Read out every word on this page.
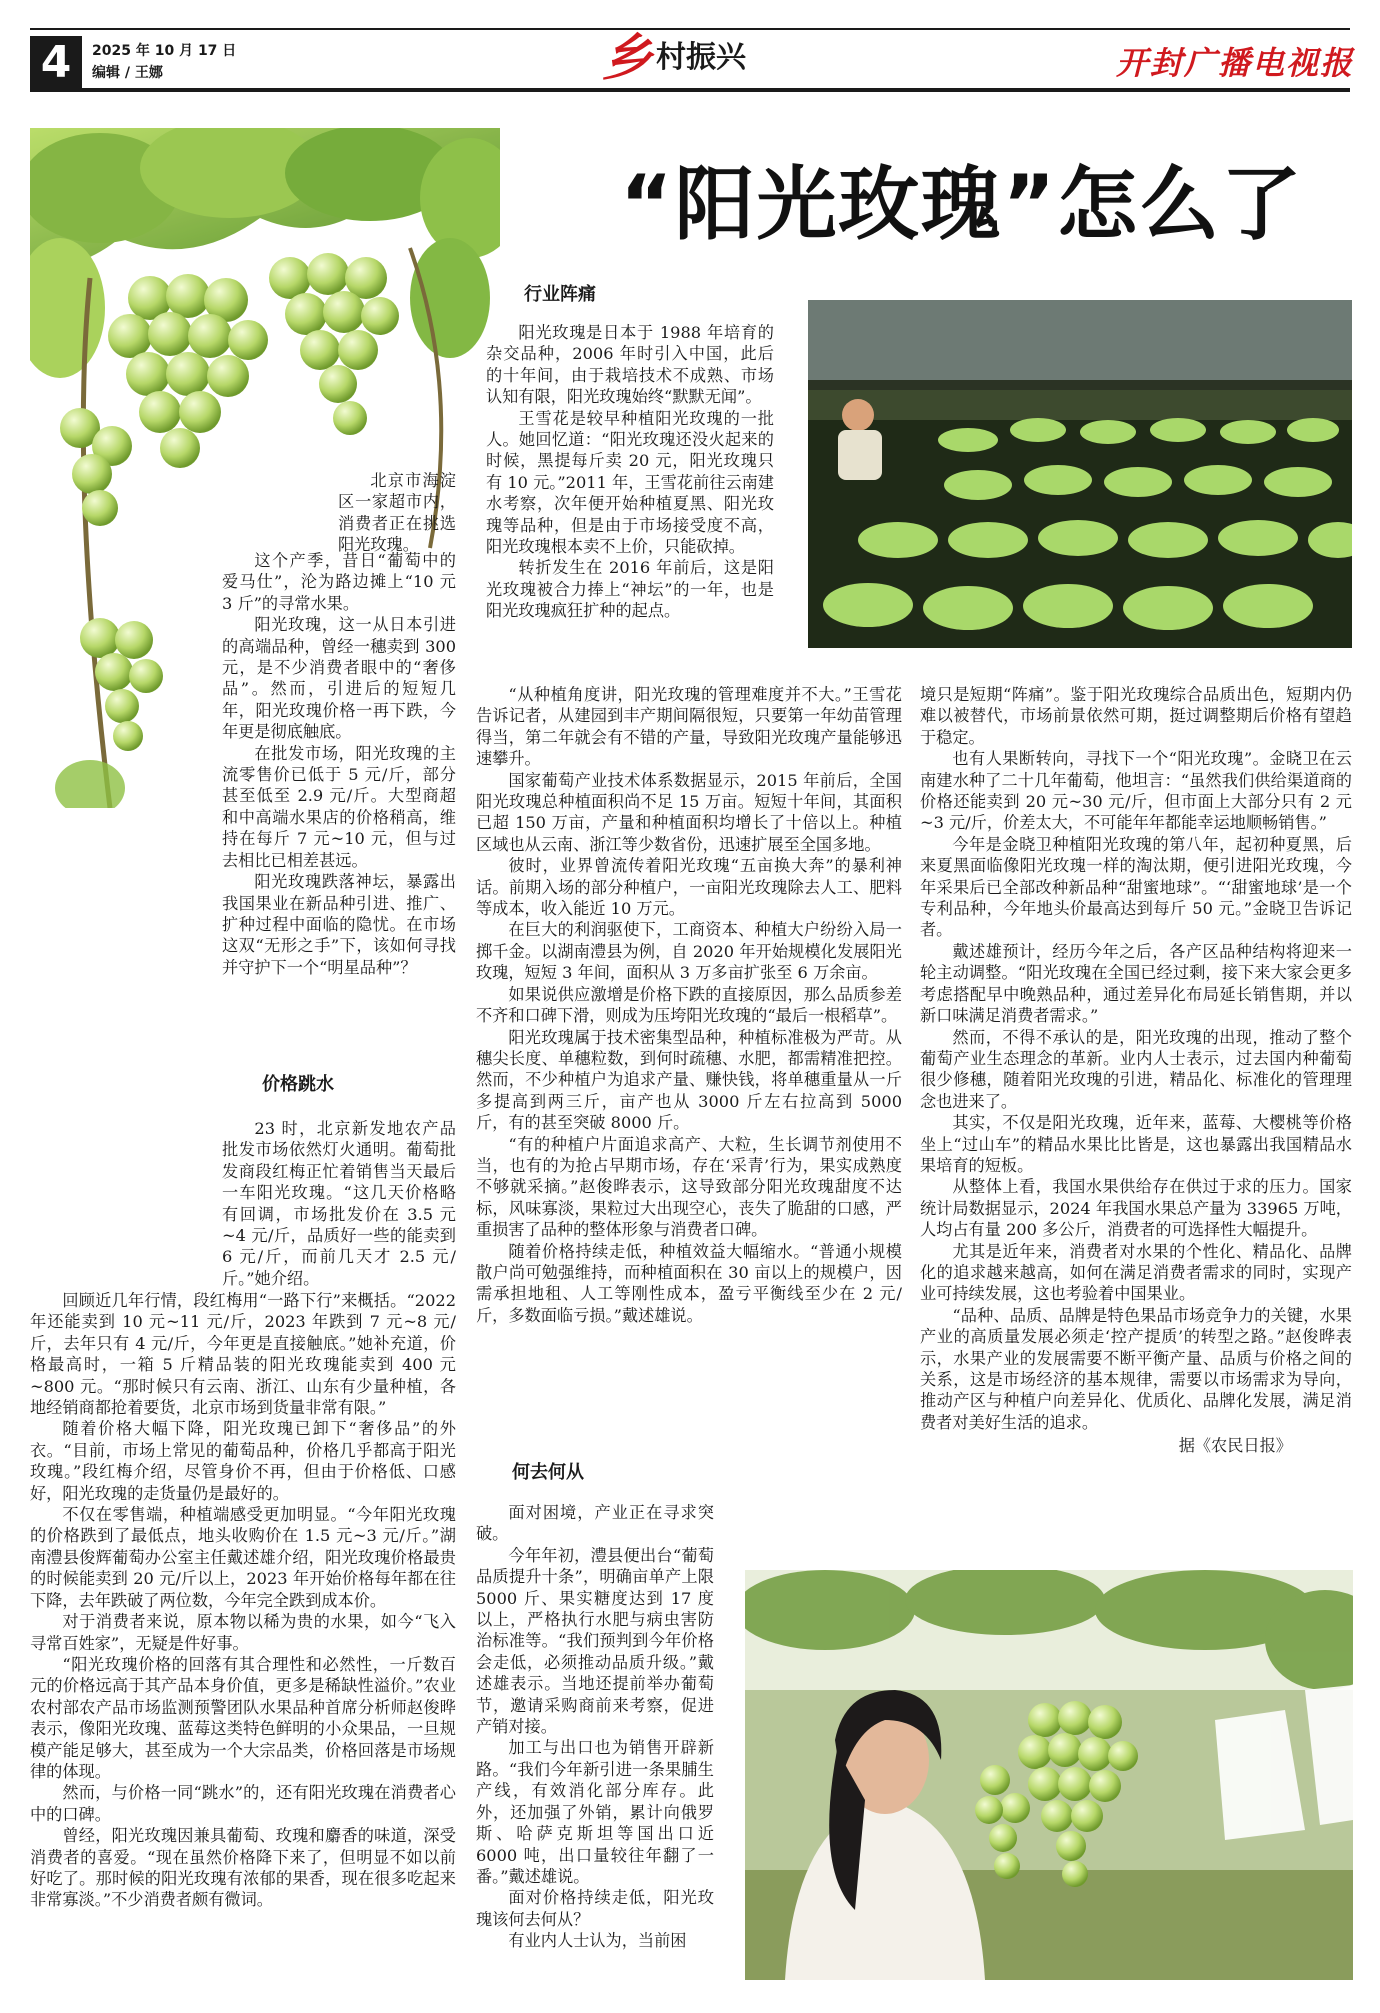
4	2025 年 10 月 17 日
编辑 / 王娜	乡 村振兴	开封广播电视报
“阳光玫瑰”怎么了

北京市海淀区一家超市内，消费者正在挑选阳光玫瑰。

这个产季，昔日“葡萄中的爱马仕”，沦为路边摊上“10 元 3 斤”的寻常水果。

阳光玫瑰，这一从日本引进的高端品种，曾经一穗卖到 300 元，是不少消费者眼中的“奢侈品”。然而，引进后的短短几年，阳光玫瑰价格一再下跌，今年更是彻底触底。

在批发市场，阳光玫瑰的主流零售价已低于 5 元/斤，部分甚至低至 2.9 元/斤。大型商超和中高端水果店的价格稍高，维持在每斤 7 元~10 元，但与过去相比已相差甚远。

阳光玫瑰跌落神坛，暴露出我国果业在新品种引进、推广、扩种过程中面临的隐忧。在市场这双“无形之手”下，该如何寻找并守护下一个“明星品种”？

价格跳水

23 时，北京新发地农产品批发市场依然灯火通明。葡萄批发商段红梅正忙着销售当天最后一车阳光玫瑰。“这几天价格略有回调，市场批发价在 3.5 元~4 元/斤，品质好一些的能卖到 6 元/斤，而前几天才 2.5 元/斤。”她介绍。

回顾近几年行情，段红梅用“一路下行”来概括。“2022 年还能卖到 10 元~11 元/斤，2023 年跌到 7 元~8 元/斤，去年只有 4 元/斤，今年更是直接触底。”她补充道，价格最高时，一箱 5 斤精品装的阳光玫瑰能卖到 400 元~800 元。“那时候只有云南、浙江、山东有少量种植，各地经销商都抢着要货，北京市场到货量非常有限。”

随着价格大幅下降，阳光玫瑰已卸下“奢侈品”的外衣。“目前，市场上常见的葡萄品种，价格几乎都高于阳光玫瑰。”段红梅介绍，尽管身价不再，但由于价格低、口感好，阳光玫瑰的走货量仍是最好的。

不仅在零售端，种植端感受更加明显。“今年阳光玫瑰的价格跌到了最低点，地头收购价在 1.5 元~3 元/斤。”湖南澧县俊辉葡萄办公室主任戴述雄介绍，阳光玫瑰价格最贵的时候能卖到 20 元/斤以上，2023 年开始价格每年都在往下降，去年跌破了两位数，今年完全跌到成本价。

对于消费者来说，原本物以稀为贵的水果，如今“飞入寻常百姓家”，无疑是件好事。

“阳光玫瑰价格的回落有其合理性和必然性，一斤数百元的价格远高于其产品本身价值，更多是稀缺性溢价。”农业农村部农产品市场监测预警团队水果品种首席分析师赵俊晔表示，像阳光玫瑰、蓝莓这类特色鲜明的小众果品，一旦规模产能足够大，甚至成为一个大宗品类，价格回落是市场规律的体现。

然而，与价格一同“跳水”的，还有阳光玫瑰在消费者心中的口碑。

曾经，阳光玫瑰因兼具葡萄、玫瑰和麝香的味道，深受消费者的喜爱。“现在虽然价格降下来了，但明显不如以前好吃了。那时候的阳光玫瑰有浓郁的果香，现在很多吃起来非常寡淡。”不少消费者颇有微词。

行业阵痛

阳光玫瑰是日本于 1988 年培育的杂交品种，2006 年时引入中国，此后的十年间，由于栽培技术不成熟、市场认知有限，阳光玫瑰始终“默默无闻”。

王雪花是较早种植阳光玫瑰的一批人。她回忆道：“阳光玫瑰还没火起来的时候，黑提每斤卖 20 元，阳光玫瑰只有 10 元。”2011 年，王雪花前往云南建水考察，次年便开始种植夏黑、阳光玫瑰等品种，但是由于市场接受度不高，阳光玫瑰根本卖不上价，只能砍掉。

转折发生在 2016 年前后，这是阳光玫瑰被合力捧上“神坛”的一年，也是阳光玫瑰疯狂扩种的起点。

“从种植角度讲，阳光玫瑰的管理难度并不大。”王雪花告诉记者，从建园到丰产期间隔很短，只要第一年幼苗管理得当，第二年就会有不错的产量，导致阳光玫瑰产量能够迅速攀升。

国家葡萄产业技术体系数据显示，2015 年前后，全国阳光玫瑰总种植面积尚不足 15 万亩。短短十年间，其面积已超 150 万亩，产量和种植面积均增长了十倍以上。种植区域也从云南、浙江等少数省份，迅速扩展至全国多地。

彼时，业界曾流传着阳光玫瑰“五亩换大奔”的暴利神话。前期入场的部分种植户，一亩阳光玫瑰除去人工、肥料等成本，收入能近 10 万元。

在巨大的利润驱使下，工商资本、种植大户纷纷入局一掷千金。以湖南澧县为例，自 2020 年开始规模化发展阳光玫瑰，短短 3 年间，面积从 3 万多亩扩张至 6 万余亩。

如果说供应激增是价格下跌的直接原因，那么品质参差不齐和口碑下滑，则成为压垮阳光玫瑰的“最后一根稻草”。

阳光玫瑰属于技术密集型品种，种植标准极为严苛。从穗尖长度、单穗粒数，到何时疏穗、水肥，都需精准把控。然而，不少种植户为追求产量、赚快钱，将单穗重量从一斤多提高到两三斤，亩产也从 3000 斤左右拉高到 5000 斤，有的甚至突破 8000 斤。

“有的种植户片面追求高产、大粒，生长调节剂使用不当，也有的为抢占早期市场，存在‘采青’行为，果实成熟度不够就采摘。”赵俊晔表示，这导致部分阳光玫瑰甜度不达标，风味寡淡，果粒过大出现空心，丧失了脆甜的口感，严重损害了品种的整体形象与消费者口碑。

随着价格持续走低，种植效益大幅缩水。“普通小规模散户尚可勉强维持，而种植面积在 30 亩以上的规模户，因需承担地租、人工等刚性成本，盈亏平衡线至少在 2 元/斤，多数面临亏损。”戴述雄说。

何去何从

面对困境，产业正在寻求突破。

今年年初，澧县便出台“葡萄品质提升十条”，明确亩单产上限 5000 斤、果实糖度达到 17 度以上，严格执行水肥与病虫害防治标准等。“我们预判到今年价格会走低，必须推动品质升级。”戴述雄表示。当地还提前举办葡萄节，邀请采购商前来考察，促进产销对接。

加工与出口也为销售开辟新路。“我们今年新引进一条果脯生产线，有效消化部分库存。此外，还加强了外销，累计向俄罗斯、哈萨克斯坦等国出口近 6000 吨，出口量较往年翻了一番。”戴述雄说。

面对价格持续走低，阳光玫瑰该何去何从？

有业内人士认为，当前困

境只是短期“阵痛”。鉴于阳光玫瑰综合品质出色，短期内仍难以被替代，市场前景依然可期，挺过调整期后价格有望趋于稳定。

也有人果断转向，寻找下一个“阳光玫瑰”。金晓卫在云南建水种了二十几年葡萄，他坦言：“虽然我们供给渠道商的价格还能卖到 20 元~30 元/斤，但市面上大部分只有 2 元~3 元/斤，价差太大，不可能年年都能幸运地顺畅销售。”

今年是金晓卫种植阳光玫瑰的第八年，起初种夏黑，后来夏黑面临像阳光玫瑰一样的淘汰期，便引进阳光玫瑰，今年采果后已全部改种新品种“甜蜜地球”。“‘甜蜜地球’是一个专利品种，今年地头价最高达到每斤 50 元。”金晓卫告诉记者。

戴述雄预计，经历今年之后，各产区品种结构将迎来一轮主动调整。“阳光玫瑰在全国已经过剩，接下来大家会更多考虑搭配早中晚熟品种，通过差异化布局延长销售期，并以新口味满足消费者需求。”

然而，不得不承认的是，阳光玫瑰的出现，推动了整个葡萄产业生态理念的革新。业内人士表示，过去国内种葡萄很少修穗，随着阳光玫瑰的引进，精品化、标准化的管理理念也进来了。

其实，不仅是阳光玫瑰，近年来，蓝莓、大樱桃等价格坐上“过山车”的精品水果比比皆是，这也暴露出我国精品水果培育的短板。

从整体上看，我国水果供给存在供过于求的压力。国家统计局数据显示，2024 年我国水果总产量为 33965 万吨，人均占有量 200 多公斤，消费者的可选择性大幅提升。

尤其是近年来，消费者对水果的个性化、精品化、品牌化的追求越来越高，如何在满足消费者需求的同时，实现产业可持续发展，这也考验着中国果业。

“品种、品质、品牌是特色果品市场竞争力的关键，水果产业的高质量发展必须走‘控产提质’的转型之路。”赵俊晔表示，水果产业的发展需要不断平衡产量、品质与价格之间的关系，这是市场经济的基本规律，需要以市场需求为导向，推动产区与种植户向差异化、优质化、品牌化发展，满足消费者对美好生活的追求。

据《农民日报》
